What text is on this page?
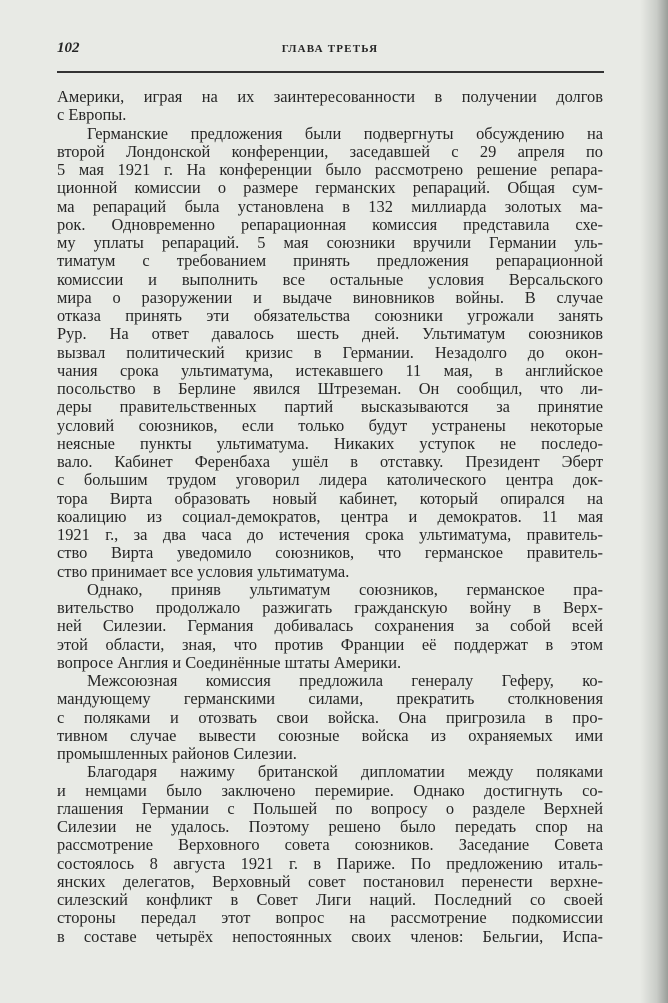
102	ГЛАВА ТРЕТЬЯ
Америки, играя на их заинтересованности в получении долгов
с Европы.
Германские предложения были подвергнуты обсуждению на
второй Лондонской конференции, заседавшей с 29 апреля по
5 мая 1921 г. На конференции было рассмотрено решение репара-
ционной комиссии о размере германских репараций. Общая сум-
ма репараций была установлена в 132 миллиарда золотых ма-
рок. Одновременно репарационная комиссия представила схе-
му уплаты репараций. 5 мая союзники вручили Германии уль-
тиматум с требованием принять предложения репарационной
комиссии и выполнить все остальные условия Версальского
мира о разоружении и выдаче виновников войны. В случае
отказа принять эти обязательства союзники угрожали занять
Рур. На ответ давалось шесть дней. Ультиматум союзников
вызвал политический кризис в Германии. Незадолго до окон-
чания срока ультиматума, истекавшего 11 мая, в английское
посольство в Берлине явился Штреземан. Он сообщил, что ли-
деры правительственных партий высказываются за принятие
условий союзников, если только будут устранены некоторые
неясные пункты ультиматума. Никаких уступок не последо-
вало. Кабинет Ференбаха ушёл в отставку. Президент Эберт
с большим трудом уговорил лидера католического центра док-
тора Вирта образовать новый кабинет, который опирался на
коалицию из социал-демократов, центра и демократов. 11 мая
1921 г., за два часа до истечения срока ультиматума, правитель-
ство Вирта уведомило союзников, что германское правитель-
ство принимает все условия ультиматума.
Однако, приняв ультиматум союзников, германское пра-
вительство продолжало разжигать гражданскую войну в Верх-
ней Силезии. Германия добивалась сохранения за собой всей
этой области, зная, что против Франции её поддержат в этом
вопросе Англия и Соединённые штаты Америки.
Межсоюзная комиссия предложила генералу Геферу, ко-
мандующему германскими силами, прекратить столкновения
с поляками и отозвать свои войска. Она пригрозила в про-
тивном случае вывести союзные войска из охраняемых ими
промышленных районов Силезии.
Благодаря нажиму британской дипломатии между поляками
и немцами было заключено перемирие. Однако достигнуть со-
глашения Германии с Польшей по вопросу о разделе Верхней
Силезии не удалось. Поэтому решено было передать спор на
рассмотрение Верховного совета союзников. Заседание Совета
состоялось 8 августа 1921 г. в Париже. По предложению италь-
янских делегатов, Верховный совет постановил перенести верхне-
силезский конфликт в Совет Лиги наций. Последний со своей
стороны передал этот вопрос на рассмотрение подкомиссии
в составе четырёх непостоянных своих членов: Бельгии, Испа-
